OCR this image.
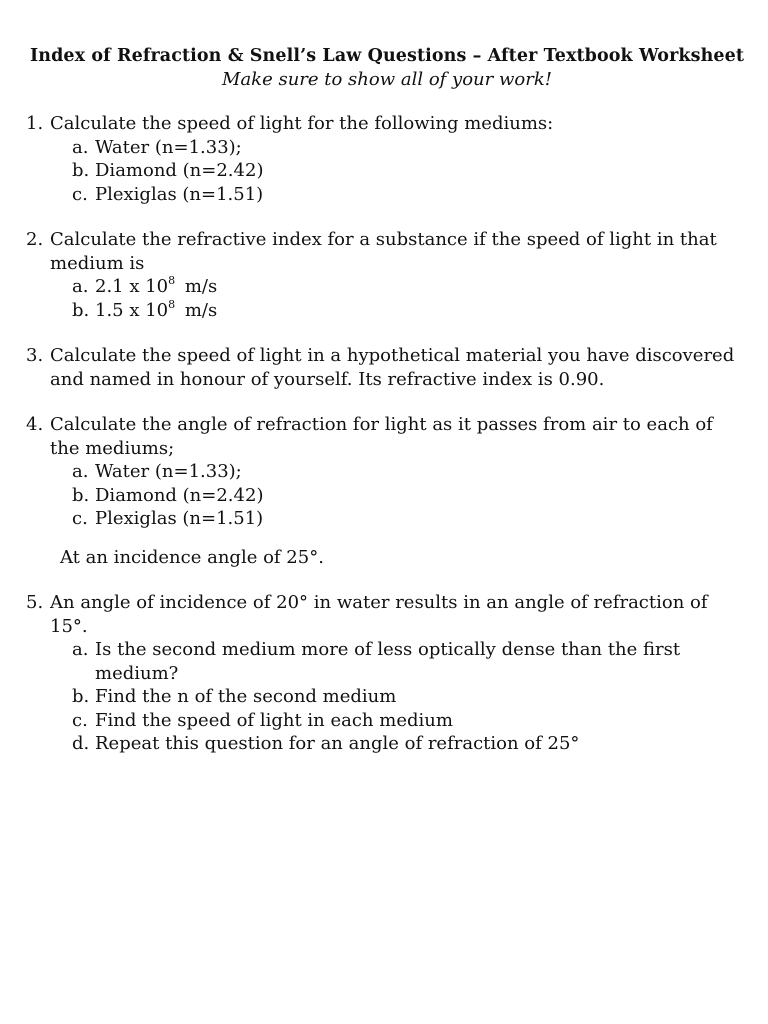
Index of Refraction & Snell’s Law Questions – After Textbook Worksheet

Make sure to show all of your work!

1. Calculate the speed of light for the following mediums:
a. Water (n=1.33);
b. Diamond (n=2.42)
c. Plexiglas (n=1.51)
2. Calculate the refractive index for a substance if the speed of light in that medium is
a. 2.1 x $10^8$ m/s
b. 1.5 x $10^8$ m/s
3. Calculate the speed of light in a hypothetical material you have discovered and named in honour of yourself. Its refractive index is 0.90.
4. Calculate the angle of refraction for light as it passes from air to each of the mediums;
a. Water (n=1.33);
b. Diamond (n=2.42)
c. Plexiglas (n=1.51)
At an incidence angle of 25°.
5. An angle of incidence of 20° in water results in an angle of refraction of 15°.
a. Is the second medium more of less optically dense than the first medium?
b. Find the n of the second medium
c. Find the speed of light in each medium
d. Repeat this question for an angle of refraction of 25°
